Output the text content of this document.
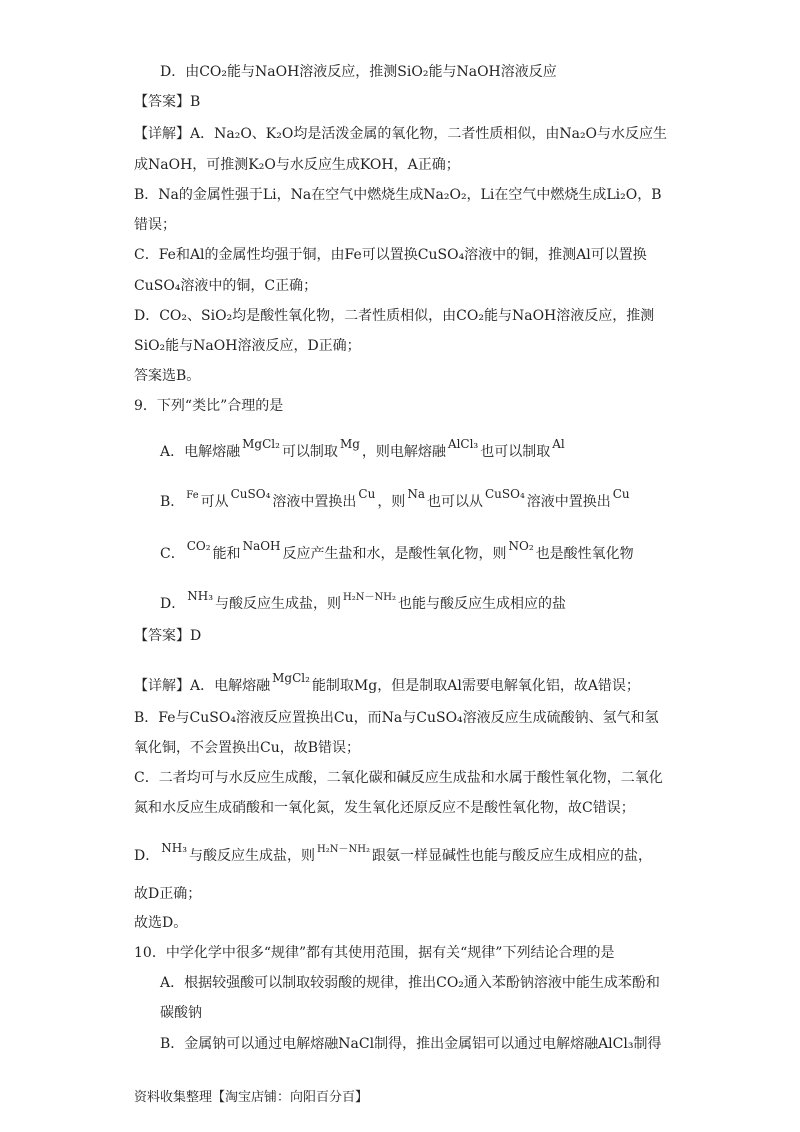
D．由CO₂能与NaOH溶液反应，推测SiO₂能与NaOH溶液反应
【答案】B
【详解】A．Na₂O、K₂O均是活泼金属的氧化物，二者性质相似，由Na₂O与水反应生
成NaOH，可推测K₂O与水反应生成KOH，A正确；
B．Na的金属性强于Li，Na在空气中燃烧生成Na₂O₂，Li在空气中燃烧生成Li₂O，B
错误；
C．Fe和Al的金属性均强于铜，由Fe可以置换CuSO₄溶液中的铜，推测Al可以置换
CuSO₄溶液中的铜，C正确；
D．CO₂、SiO₂均是酸性氧化物，二者性质相似，由CO₂能与NaOH溶液反应，推测
SiO₂能与NaOH溶液反应，D正确；
答案选B。
9．下列“类比”合理的是
A．电解熔融 MgCl₂ 可以制取 Mg ，则电解熔融 AlCl₃ 也可以制取 Al
B． Fe 可从 CuSO₄ 溶液中置换出 Cu ，则 Na 也可以从 CuSO₄ 溶液中置换出 Cu
C． CO₂ 能和 NaOH 反应产生盐和水，是酸性氧化物，则 NO₂ 也是酸性氧化物
D． NH₃ 与酸反应生成盐，则 H₂N－NH₂ 也能与酸反应生成相应的盐
【答案】D
【详解】A．电解熔融 MgCl₂ 能制取Mg，但是制取Al需要电解氧化铝，故A错误；
B．Fe与CuSO₄溶液反应置换出Cu，而Na与CuSO₄溶液反应生成硫酸钠、氢气和氢
氧化铜，不会置换出Cu，故B错误；
C．二者均可与水反应生成酸，二氧化碳和碱反应生成盐和水属于酸性氧化物，二氧化
氮和水反应生成硝酸和一氧化氮，发生氧化还原反应不是酸性氧化物，故C错误；
D． NH₃ 与酸反应生成盐，则 H₂N－NH₂ 跟氨一样显碱性也能与酸反应生成相应的盐，
故D正确；
故选D。
10．中学化学中很多“规律”都有其使用范围，据有关“规律”下列结论合理的是
A．根据较强酸可以制取较弱酸的规律，推出CO₂通入苯酚钠溶液中能生成苯酚和
碳酸钠
B．金属钠可以通过电解熔融NaCl制得，推出金属铝可以通过电解熔融AlCl₃制得
资料收集整理【淘宝店铺：向阳百分百】
